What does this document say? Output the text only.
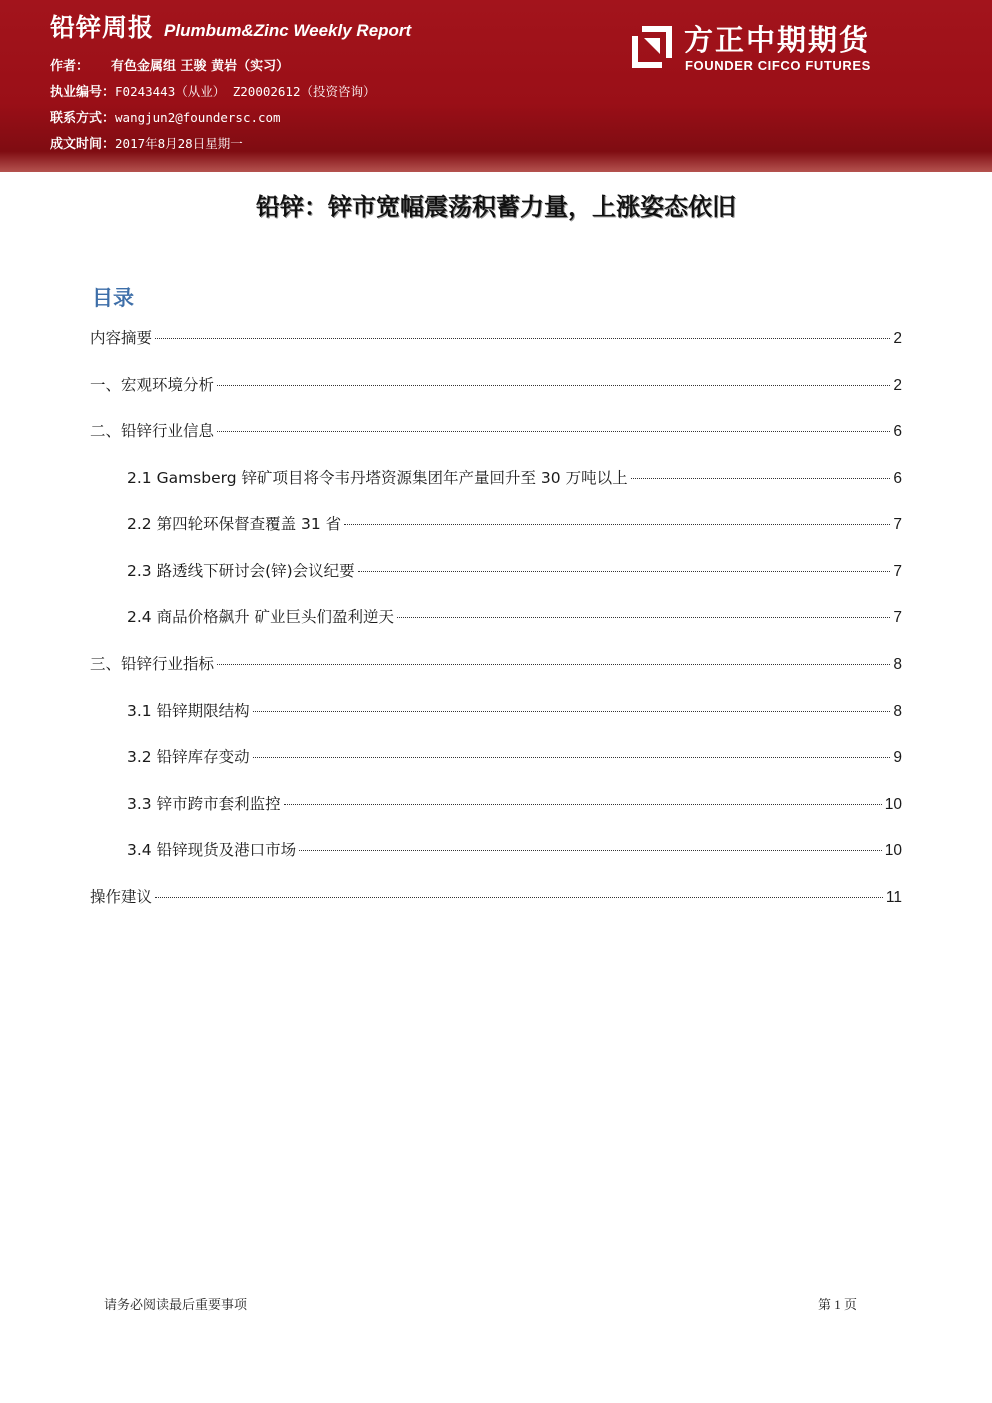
铅锌周报 Plumbum&Zinc Weekly Report
作者： 有色金属组 王骏 黄岩（实习）
执业编号：F0243443（从业） Z20002612（投资咨询）
联系方式：wangjun2@foundersc.com
成文时间：2017年8月28日星期一
方正中期期货
FOUNDER CIFCO FUTURES
铅锌：锌市宽幅震荡积蓄力量，上涨姿态依旧
目录
内容摘要	2
一、宏观环境分析	2
二、铅锌行业信息	6
2.1 Gamsberg 锌矿项目将令韦丹塔资源集团年产量回升至 30 万吨以上	6
2.2 第四轮环保督查覆盖 31 省	7
2.3 路透线下研讨会(锌)会议纪要	7
2.4 商品价格飙升 矿业巨头们盈利逆天	7
三、铅锌行业指标	8
3.1 铅锌期限结构	8
3.2 铅锌库存变动	9
3.3 锌市跨市套利监控	10
3.4 铅锌现货及港口市场	10
操作建议	11
请务必阅读最后重要事项	第 1 页
